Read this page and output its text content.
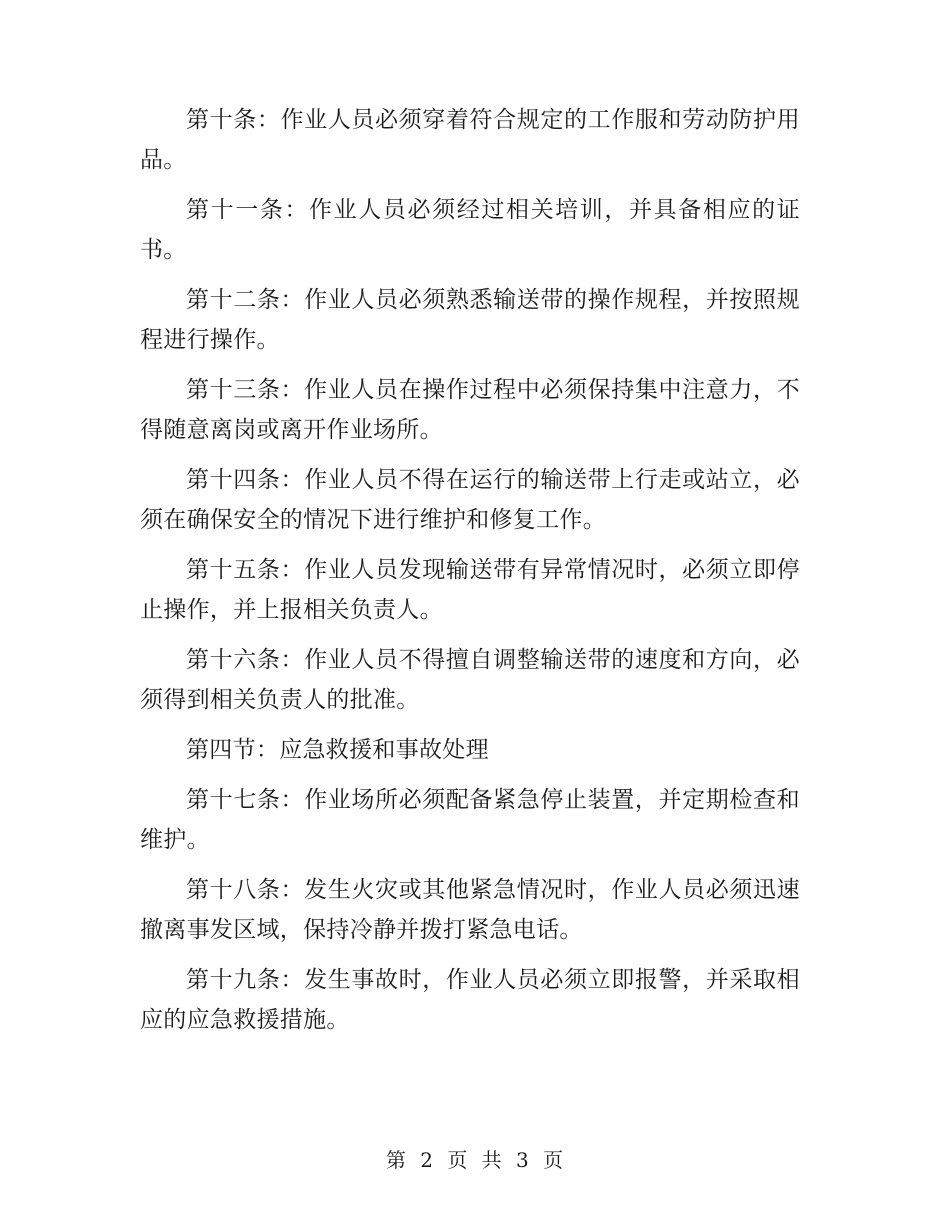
第十条：作业人员必须穿着符合规定的工作服和劳动防护用品。

第十一条：作业人员必须经过相关培训，并具备相应的证书。

第十二条：作业人员必须熟悉输送带的操作规程，并按照规程进行操作。

第十三条：作业人员在操作过程中必须保持集中注意力，不得随意离岗或离开作业场所。

第十四条：作业人员不得在运行的输送带上行走或站立，必须在确保安全的情况下进行维护和修复工作。

第十五条：作业人员发现输送带有异常情况时，必须立即停止操作，并上报相关负责人。

第十六条：作业人员不得擅自调整输送带的速度和方向，必须得到相关负责人的批准。

第四节：应急救援和事故处理

第十七条：作业场所必须配备紧急停止装置，并定期检查和维护。

第十八条：发生火灾或其他紧急情况时，作业人员必须迅速撤离事发区域，保持冷静并拨打紧急电话。

第十九条：发生事故时，作业人员必须立即报警，并采取相应的应急救援措施。

第 2 页 共 3 页
